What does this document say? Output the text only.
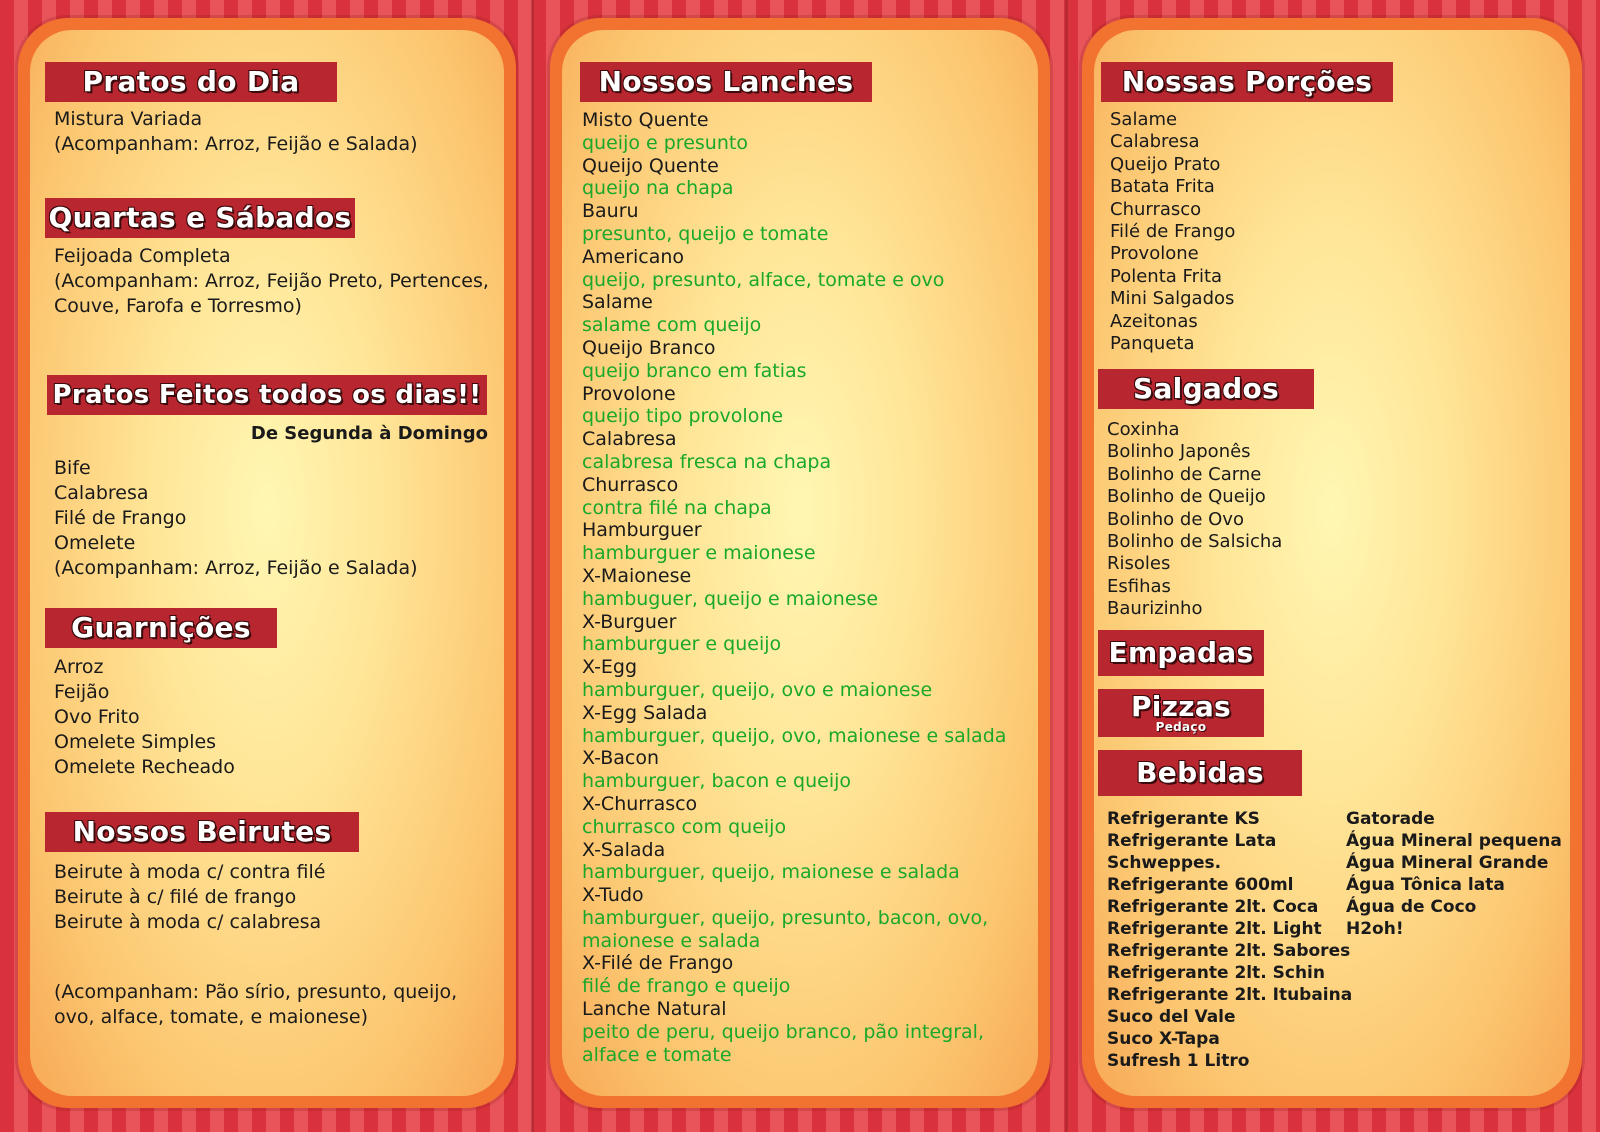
Pratos do Dia
Mistura Variada
(Acompanham: Arroz, Feijão e Salada)
Quartas e Sábados
Feijoada Completa
(Acompanham: Arroz, Feijão Preto, Pertences,
Couve, Farofa e Torresmo)
Pratos Feitos todos os dias!!
De Segunda à Domingo
Bife
Calabresa
Filé de Frango
Omelete
(Acompanham: Arroz, Feijão e Salada)
Guarnições
Arroz
Feijão
Ovo Frito
Omelete Simples
Omelete Recheado
Nossos Beirutes
Beirute à moda c/ contra filé
Beirute à c/ filé de frango
Beirute à moda c/ calabresa
(Acompanham: Pão sírio, presunto, queijo,
ovo, alface, tomate, e maionese)
Nossos Lanches
Misto Quente
queijo e presunto
Queijo Quente
queijo na chapa
Bauru
presunto, queijo e tomate
Americano
queijo, presunto, alface, tomate e ovo
Salame
salame com queijo
Queijo Branco
queijo branco em fatias
Provolone
queijo tipo provolone
Calabresa
calabresa fresca na chapa
Churrasco
contra filé na chapa
Hamburguer
hamburguer e maionese
X-Maionese
hambuguer, queijo e maionese
X-Burguer
hamburguer e queijo
X-Egg
hamburguer, queijo, ovo e maionese
X-Egg Salada
hamburguer, queijo, ovo, maionese e salada
X-Bacon
hamburguer, bacon e queijo
X-Churrasco
churrasco com queijo
X-Salada
hamburguer, queijo, maionese e salada
X-Tudo
hamburguer, queijo, presunto, bacon, ovo,
maionese e salada
X-Filé de Frango
filé de frango e queijo
Lanche Natural
peito de peru, queijo branco, pão integral,
alface e tomate
Nossas Porções
Salame
Calabresa
Queijo Prato
Batata Frita
Churrasco
Filé de Frango
Provolone
Polenta Frita
Mini Salgados
Azeitonas
Panqueta
Salgados
Coxinha
Bolinho Japonês
Bolinho de Carne
Bolinho de Queijo
Bolinho de Ovo
Bolinho de Salsicha
Risoles
Esfihas
Baurizinho
Empadas
Pizzas
Pedaço
Bebidas
Refrigerante KS
Refrigerante Lata
Schweppes.
Refrigerante 600ml
Refrigerante 2lt. Coca
Refrigerante 2lt. Light
Refrigerante 2lt. Sabores
Refrigerante 2lt. Schin
Refrigerante 2lt. Itubaina
Suco del Vale
Suco X-Tapa
Sufresh 1 Litro
Gatorade
Água Mineral pequena
Água Mineral Grande
Água Tônica lata
Água de Coco
H2oh!
